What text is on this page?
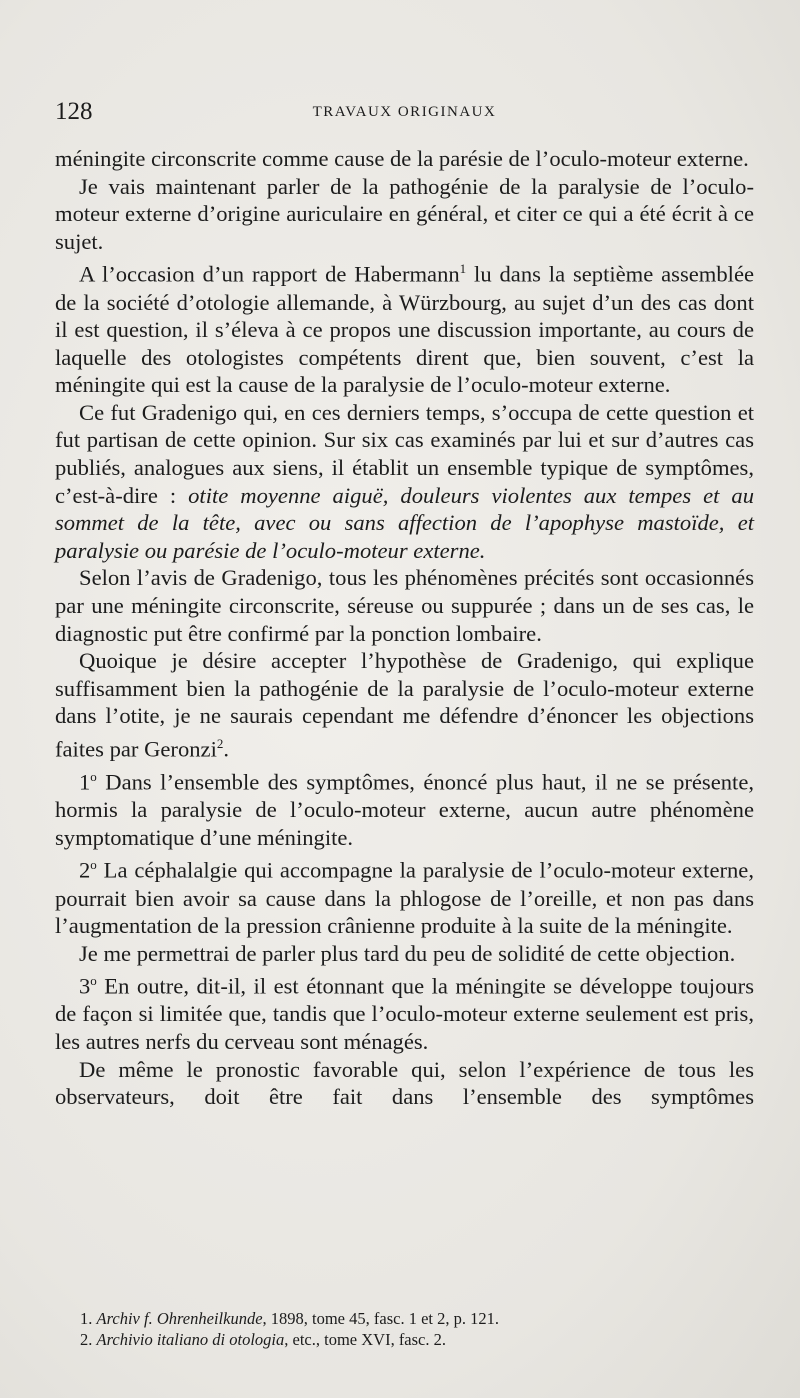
128	TRAVAUX ORIGINAUX

méningite circonscrite comme cause de la parésie de l’oculo-moteur externe.

Je vais maintenant parler de la pathogénie de la paralysie de l’oculo-moteur externe d’origine auriculaire en général, et citer ce qui a été écrit à ce sujet.

A l’occasion d’un rapport de Habermann$^1$ lu dans la septième assemblée de la société d’otologie allemande, à Würzbourg, au sujet d’un des cas dont il est question, il s’éleva à ce propos une discussion importante, au cours de laquelle des otologistes compétents dirent que, bien souvent, c’est la méningite qui est la cause de la paralysie de l’oculo-moteur externe.

Ce fut Gradenigo qui, en ces derniers temps, s’occupa de cette question et fut partisan de cette opinion. Sur six cas examinés par lui et sur d’autres cas publiés, analogues aux siens, il établit un ensemble typique de symptômes, c’est-à-dire : otite moyenne aiguë, douleurs violentes aux tempes et au sommet de la tête, avec ou sans affection de l’apophyse mastoïde, et paralysie ou parésie de l’oculo-moteur externe.

Selon l’avis de Gradenigo, tous les phénomènes précités sont occasionnés par une méningite circonscrite, séreuse ou suppurée ; dans un de ses cas, le diagnostic put être confirmé par la ponction lombaire.

Quoique je désire accepter l’hypothèse de Gradenigo, qui explique suffisamment bien la pathogénie de la paralysie de l’oculo-moteur externe dans l’otite, je ne saurais cependant me défendre d’énoncer les objections faites par Geronzi$^2$.

1$^o$ Dans l’ensemble des symptômes, énoncé plus haut, il ne se présente, hormis la paralysie de l’oculo-moteur externe, aucun autre phénomène symptomatique d’une méningite.

2$^o$ La céphalalgie qui accompagne la paralysie de l’oculo-moteur externe, pourrait bien avoir sa cause dans la phlogose de l’oreille, et non pas dans l’augmentation de la pression crânienne produite à la suite de la méningite.

Je me permettrai de parler plus tard du peu de solidité de cette objection.

3$^o$ En outre, dit-il, il est étonnant que la méningite se développe toujours de façon si limitée que, tandis que l’oculo-moteur externe seulement est pris, les autres nerfs du cerveau sont ménagés.

De même le pronostic favorable qui, selon l’expérience de tous les observateurs, doit être fait dans l’ensemble des symptômes

1. Archiv f. Ohrenheilkunde, 1898, tome 45, fasc. 1 et 2, p. 121.

2. Archivio italiano di otologia, etc., tome XVI, fasc. 2.
